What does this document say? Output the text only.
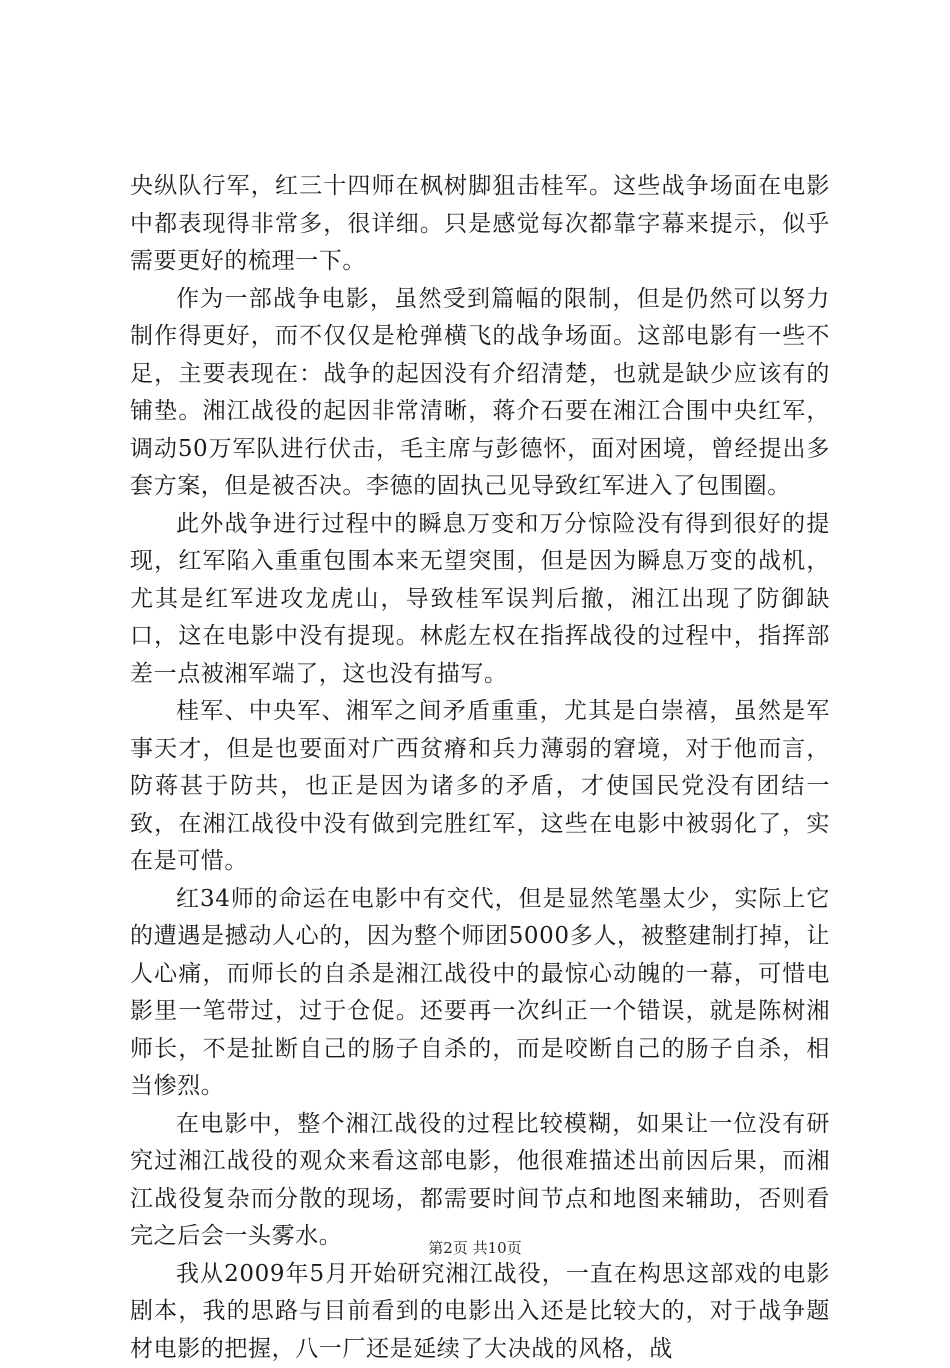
央纵队行军，红三十四师在枫树脚狙击桂军。这些战争场面在电影中都表现得非常多，很详细。只是感觉每次都靠字幕来提示，似乎需要更好的梳理一下。

作为一部战争电影，虽然受到篇幅的限制，但是仍然可以努力制作得更好，而不仅仅是枪弹横飞的战争场面。这部电影有一些不足，主要表现在：战争的起因没有介绍清楚，也就是缺少应该有的铺垫。湘江战役的起因非常清晰，蒋介石要在湘江合围中央红军，调动50万军队进行伏击，毛主席与彭德怀，面对困境，曾经提出多套方案，但是被否决。李德的固执己见导致红军进入了包围圈。

此外战争进行过程中的瞬息万变和万分惊险没有得到很好的提现，红军陷入重重包围本来无望突围，但是因为瞬息万变的战机，尤其是红军进攻龙虎山，导致桂军误判后撤，湘江出现了防御缺口，这在电影中没有提现。林彪左权在指挥战役的过程中，指挥部差一点被湘军端了，这也没有描写。

桂军、中央军、湘军之间矛盾重重，尤其是白崇禧，虽然是军事天才，但是也要面对广西贫瘠和兵力薄弱的窘境，对于他而言，防蒋甚于防共，也正是因为诸多的矛盾，才使国民党没有团结一致，在湘江战役中没有做到完胜红军，这些在电影中被弱化了，实在是可惜。

红34师的命运在电影中有交代，但是显然笔墨太少，实际上它的遭遇是撼动人心的，因为整个师团5000多人，被整建制打掉，让人心痛，而师长的自杀是湘江战役中的最惊心动魄的一幕，可惜电影里一笔带过，过于仓促。还要再一次纠正一个错误，就是陈树湘师长，不是扯断自己的肠子自杀的，而是咬断自己的肠子自杀，相当惨烈。

在电影中，整个湘江战役的过程比较模糊，如果让一位没有研究过湘江战役的观众来看这部电影，他很难描述出前因后果，而湘江战役复杂而分散的现场，都需要时间节点和地图来辅助，否则看完之后会一头雾水。

我从2009年5月开始研究湘江战役，一直在构思这部戏的电影剧本，我的思路与目前看到的电影出入还是比较大的，对于战争题材电影的把握，八一厂还是延续了大决战的风格，战

第2页 共10页
